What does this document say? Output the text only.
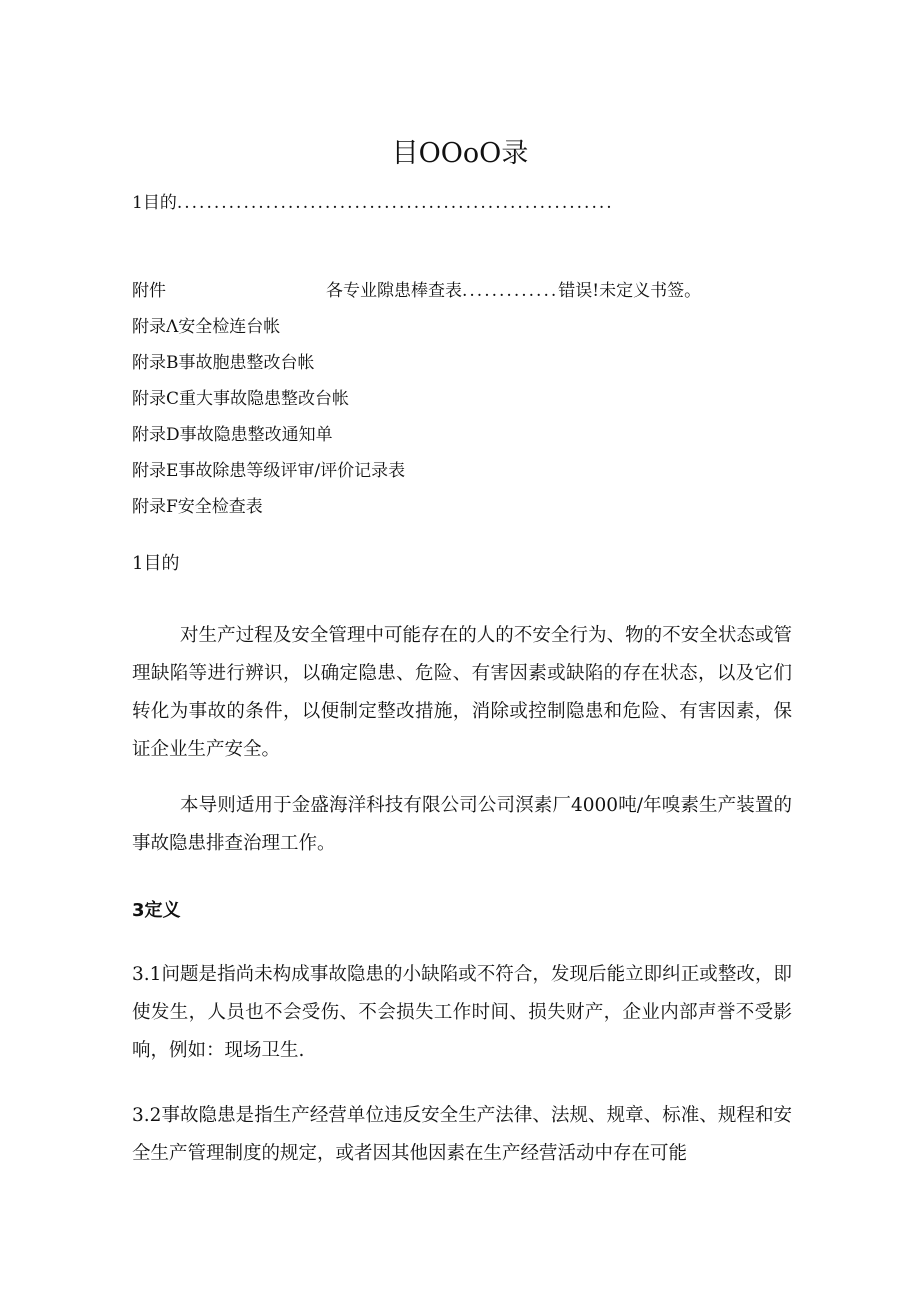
目OOoO录
1目的...........................................................
附件	各专业隙患棒查表.............错误!未定义书签。
附录Λ安全检连台帐
附录B事故胞患整改台帐
附录C重大事故隐患整改台帐
附录D事故隐患整改通知单
附录E事故除患等级评审/评价记录表
附录F安全检查表
1目的

对生产过程及安全管理中可能存在的人的不安全行为、物的不安全状态或管理缺陷等进行辨识，以确定隐患、危险、有害因素或缺陷的存在状态，以及它们转化为事故的条件，以便制定整改措施，消除或控制隐患和危险、有害因素，保证企业生产安全。

本导则适用于金盛海洋科技有限公司公司溟素厂4000吨/年嗅素生产装置的事故隐患排查治理工作。

3定义

3.1问题是指尚未构成事故隐患的小缺陷或不符合，发现后能立即纠正或整改，即使发生，人员也不会受伤、不会损失工作时间、损失财产，企业内部声誉不受影响，例如：现场卫生.

3.2事故隐患是指生产经营单位违反安全生产法律、法规、规章、标准、规程和安全生产管理制度的规定，或者因其他因素在生产经营活动中存在可能
